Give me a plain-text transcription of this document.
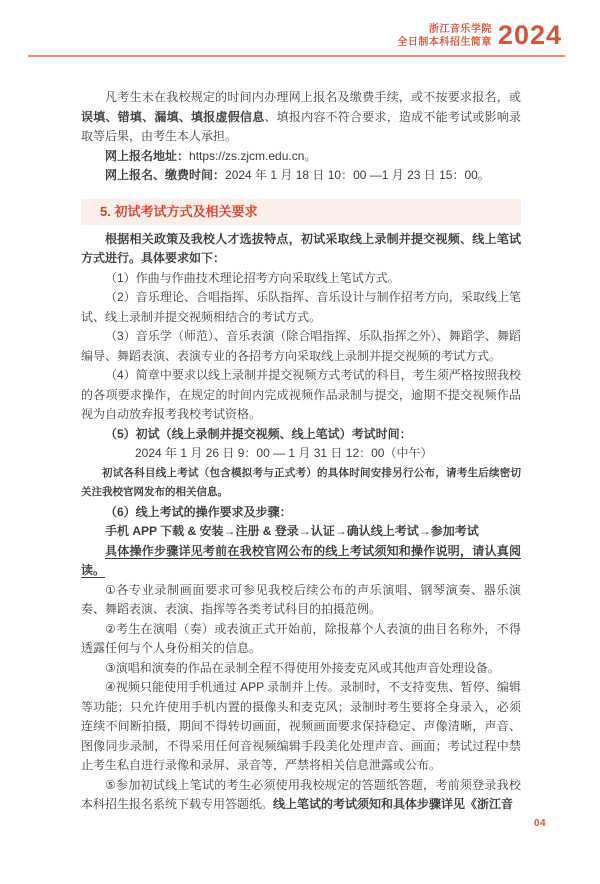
浙江音乐学院
全日制本科招生简章 2024

凡考生未在我校规定的时间内办理网上报名及缴费手续，或不按要求报名，或误填、错填、漏填、填报虚假信息、填报内容不符合要求，造成不能考试或影响录取等后果，由考生本人承担。

网上报名地址：https://zs.zjcm.edu.cn。

网上报名、缴费时间：2024 年 1 月 18 日 10：00 —1 月 23 日 15：00。

5. 初试考试方式及相关要求

根据相关政策及我校人才选拔特点，初试采取线上录制并提交视频、线上笔试方式进行。具体要求如下：

（1）作曲与作曲技术理论招考方向采取线上笔试方式。

（2）音乐理论、合唱指挥、乐队指挥、音乐设计与制作招考方向，采取线上笔试、线上录制并提交视频相结合的考试方式。

（3）音乐学（师范）、音乐表演（除合唱指挥、乐队指挥之外）、舞蹈学、舞蹈编导、舞蹈表演、表演专业的各招考方向采取线上录制并提交视频的考试方式。

（4）简章中要求以线上录制并提交视频方式考试的科目，考生须严格按照我校的各项要求操作，在规定的时间内完成视频作品录制与提交，逾期不提交视频作品视为自动放弃报考我校考试资格。

（5）初试（线上录制并提交视频、线上笔试）考试时间：

2024 年 1 月 26 日 9：00 — 1 月 31 日 12：00（中午）

初试各科目线上考试（包含模拟考与正式考）的具体时间安排另行公布，请考生后续密切关注我校官网发布的相关信息。

（6）线上考试的操作要求及步骤：

手机 APP 下载 & 安装→注册 & 登录→认证→确认线上考试→参加考试

具体操作步骤详见考前在我校官网公布的线上考试须知和操作说明，请认真阅读。

①各专业录制画面要求可参见我校后续公布的声乐演唱、钢琴演奏、器乐演奏、舞蹈表演、表演、指挥等各类考试科目的拍摄范例。

②考生在演唱（奏）或表演正式开始前，除报幕个人表演的曲目名称外，不得透露任何与个人身份相关的信息。

③演唱和演奏的作品在录制全程不得使用外接麦克风或其他声音处理设备。

④视频只能使用手机通过 APP 录制并上传。录制时，不支持变焦、暂停、编辑等功能；只允许使用手机内置的摄像头和麦克风；录制时考生要将全身录入，必须连续不间断拍摄，期间不得转切画面，视频画面要求保持稳定、声像清晰，声音、图像同步录制，不得采用任何音视频编辑手段美化处理声音、画面；考试过程中禁止考生私自进行录像和录屏、录音等，严禁将相关信息泄露或公布。

⑤参加初试线上笔试的考生必须使用我校规定的答题纸答题，考前须登录我校本科招生报名系统下载专用答题纸。线上笔试的考试须知和具体步骤详见《浙江音

04
